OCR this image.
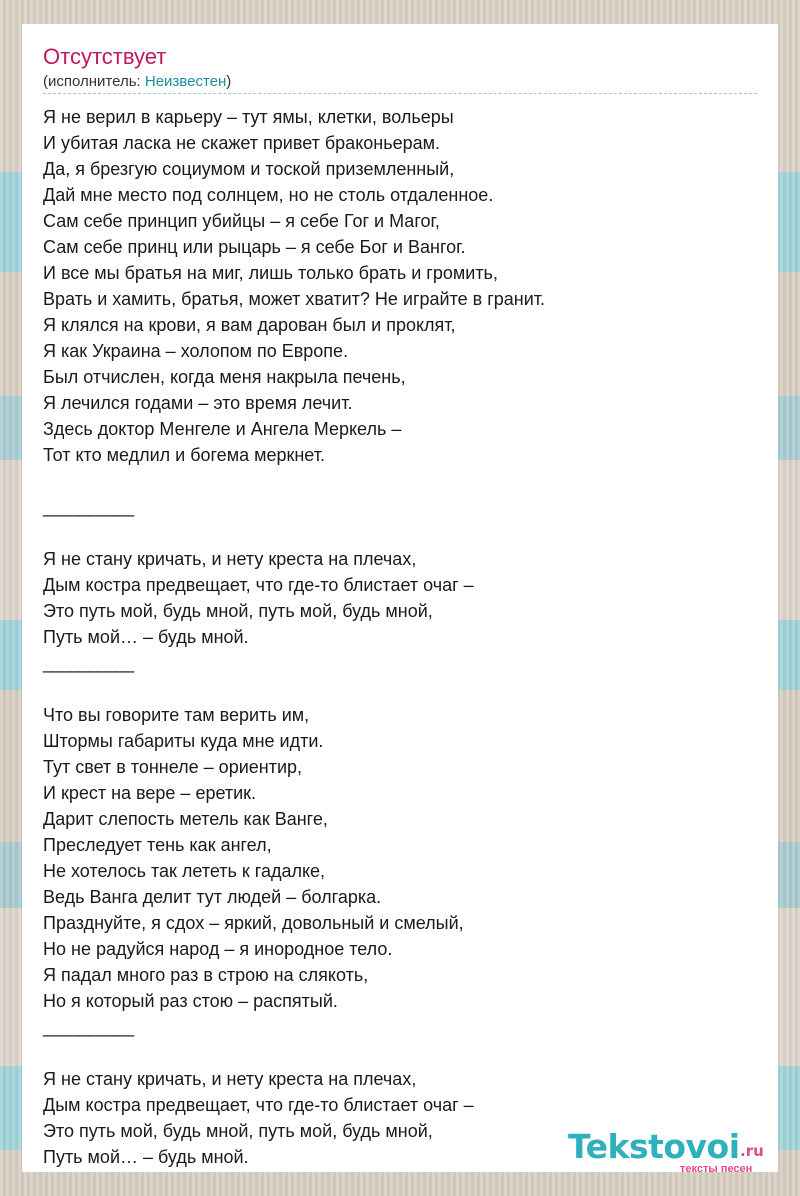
Отсутствует
(исполнитель: Неизвестен)
Я не верил в карьеру – тут ямы, клетки, вольеры
И убитая ласка не скажет привет браконьерам.
Да, я брезгую социумом и тоской приземленный,
Дай мне место под солнцем, но не столь отдаленное.
Сам себе принцип убийцы – я себе Гог и Магог,
Сам себе принц или рыцарь – я себе Бог и Вангог.
И все мы братья на миг, лишь только брать и громить,
Врать и хамить, братья, может хватит? Не играйте в гранит.
Я клялся на крови, я вам дарован был и проклят,
Я как Украина – холопом по Европе.
Был отчислен, когда меня накрыла печень,
Я лечился годами – это время лечит.
Здесь доктор Менгеле и Ангела Меркель –
Тот кто медлил и богема меркнет.
__________
Я не стану кричать, и нету креста на плечах,
Дым костра предвещает, что где-то блистает очаг –
Это путь мой, будь мной, путь мой, будь мной,
Путь мой… – будь мной.
__________
Что вы говорите там верить им,
Штормы габариты куда мне идти.
Тут свет в тоннеле – ориентир,
И крест на вере – еретик.
Дарит слепость метель как Ванге,
Преследует тень как ангел,
Не хотелось так лететь к гадалке,
Ведь Ванга делит тут людей – болгарка.
Празднуйте, я сдох – яркий, довольный и смелый,
Но не радуйся народ – я инородное тело.
Я падал много раз в строю на слякоть,
Но я который раз стою – распятый.
__________
Я не стану кричать, и нету креста на плечах,
Дым костра предвещает, что где-то блистает очаг –
Это путь мой, будь мной, путь мой, будь мной,
Путь мой… – будь мной.	Tekstovoi .ru
тексты песен
